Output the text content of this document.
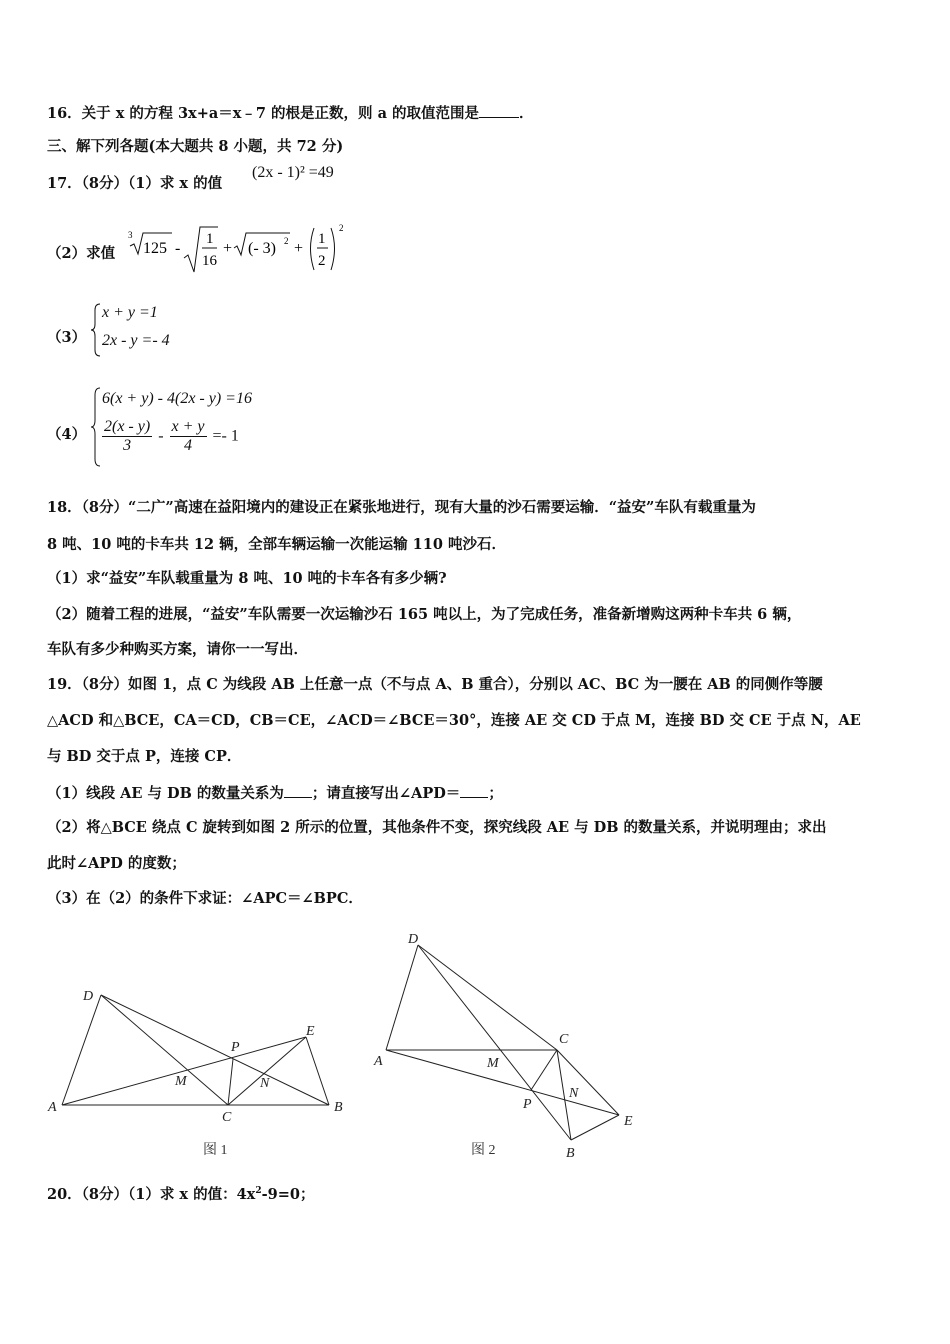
16．关于 x 的方程 3x+a＝x﹣7 的根是正数，则 a 的取值范围是	．
三、解下列各题(本大题共 8 小题，共 72 分)
17．（8分）（1）求 x 的值
(2x - 1)² =49
（2）求值
3
125 -
1
16
+ (- 3) 2 +
1
2
2
（3）
x + y =1
2x - y =- 4
（4）
6(x + y) - 4(2x - y) =16
$\frac{2(x - y)}{3} - \frac{x + y}{4} =- 1$
18．（8分）“二广”高速在益阳境内的建设正在紧张地进行，现有大量的沙石需要运输．“益安”车队有载重量为
8 吨、10 吨的卡车共 12 辆，全部车辆运输一次能运输 110 吨沙石．
（1）求“益安”车队载重量为 8 吨、10 吨的卡车各有多少辆?
（2）随着工程的进展，“益安”车队需要一次运输沙石 165 吨以上，为了完成任务，准备新增购这两种卡车共 6 辆，
车队有多少种购买方案，请你一一写出．
19．（8分）如图 1，点 C 为线段 AB 上任意一点（不与点 A、B 重合），分别以 AC、BC 为一腰在 AB 的同侧作等腰
△ACD 和△BCE，CA＝CD，CB＝CE，∠ACD＝∠BCE＝30°，连接 AE 交 CD 于点 M，连接 BD 交 CE 于点 N，AE
与 BD 交于点 P，连接 CP．
（1）线段 AE 与 DB 的数量关系为 ；请直接写出∠APD＝ ；
（2）将△BCE 绕点 C 旋转到如图 2 所示的位置，其他条件不变，探究线段 AE 与 DB 的数量关系，并说明理由；求出
此时∠APD 的度数；
（3）在（2）的条件下求证：∠APC＝∠BPC．
A	B
C
D
E
M	N
P
图 1
A
B
C
D
E
M
N
P
图 2
20．（8分）（1）求 x 的值：$4x^2-9=0$；
